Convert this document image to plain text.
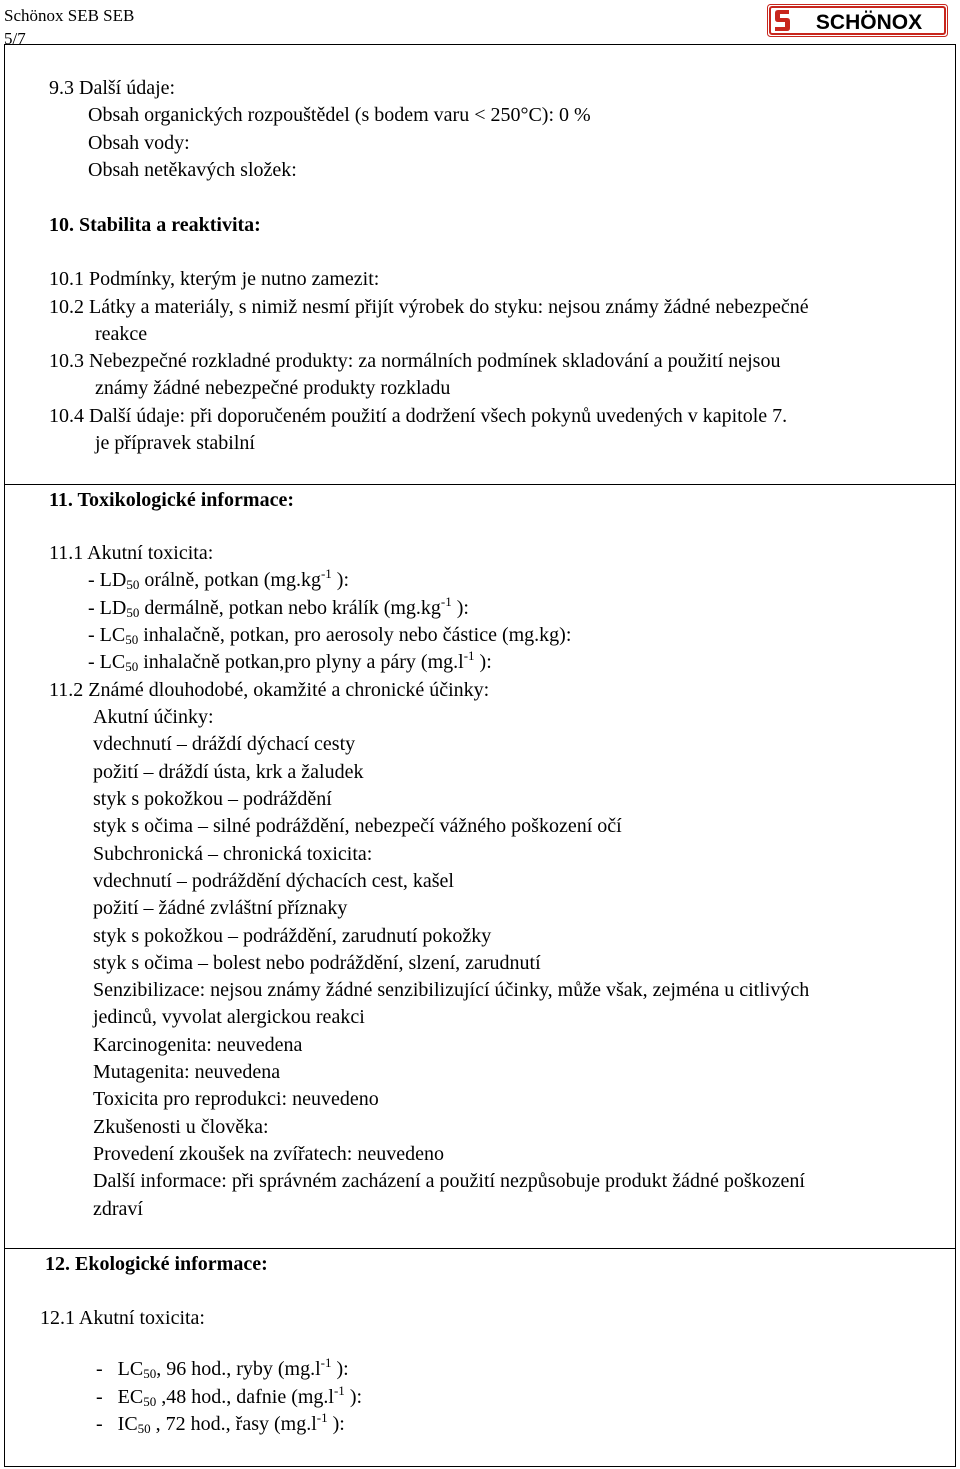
Schönox SEB SEB
5/7
SCHÖNOX
9.3 Další údaje:
Obsah organických rozpouštědel (s bodem varu < 250°C): 0 %
Obsah vody:
Obsah netěkavých složek:
10. Stabilita a reaktivita:
10.1 Podmínky, kterým je nutno zamezit:
10.2 Látky a materiály, s nimiž nesmí přijít výrobek do styku: nejsou známy žádné nebezpečné
reakce
10.3 Nebezpečné rozkladné produkty: za normálních podmínek skladování a použití nejsou
známy žádné nebezpečné produkty rozkladu
10.4 Další údaje: při doporučeném použití a dodržení všech pokynů uvedených v kapitole 7.
je přípravek stabilní
11. Toxikologické informace:
11.1 Akutní toxicita:
- $LD_{50}$ orálně, potkan ($mg.kg^{-1}$ ):
- $LD_{50}$ dermálně, potkan nebo králík ($mg.kg^{-1}$ ):
- $LC_{50}$ inhalačně, potkan, pro aerosoly nebo částice (mg.kg):
- $LC_{50}$ inhalačně potkan,pro plyny a páry ($mg.l^{-1}$ ):
11.2 Známé dlouhodobé, okamžité a chronické účinky:
Akutní účinky:
vdechnutí – dráždí dýchací cesty
požití – dráždí ústa, krk a žaludek
styk s pokožkou – podráždění
styk s očima – silné podráždění, nebezpečí vážného poškození očí
Subchronická – chronická toxicita:
vdechnutí – podráždění dýchacích cest, kašel
požití – žádné zvláštní příznaky
styk s pokožkou – podráždění, zarudnutí pokožky
styk s očima – bolest nebo podráždění, slzení, zarudnutí
Senzibilizace: nejsou známy žádné senzibilizující účinky, může však, zejména u citlivých
jedinců, vyvolat alergickou reakci
Karcinogenita: neuvedena
Mutagenita: neuvedena
Toxicita pro reprodukci: neuvedeno
Zkušenosti u člověka:
Provedení zkoušek na zvířatech: neuvedeno
Další informace: při správném zacházení a použití nezpůsobuje produkt žádné poškození
zdraví
12. Ekologické informace:
12.1 Akutní toxicita:

-   $LC_{50}$, 96 hod., ryby ($mg.l^{-1}$ ):

-   $EC_{50}$ ,48 hod., dafnie ($mg.l^{-1}$ ):

-   $IC_{50}$ , 72 hod., řasy ($mg.l^{-1}$ ):
